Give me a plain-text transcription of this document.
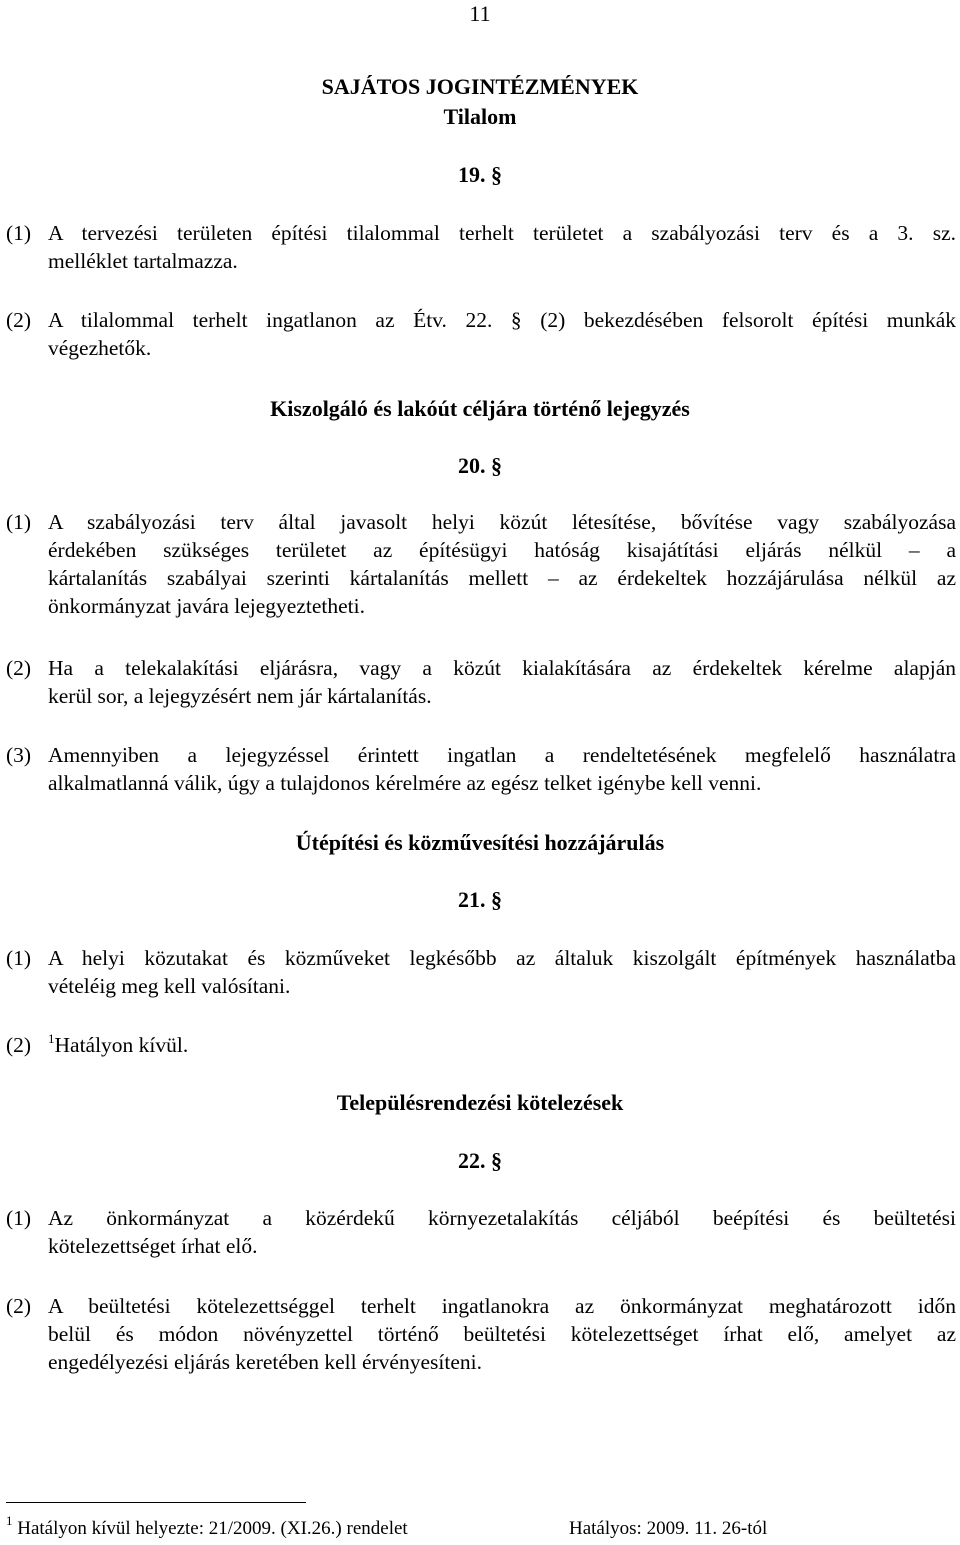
11
SAJÁTOS JOGINTÉZMÉNYEK
Tilalom
19. §
(1) A tervezési területen építési tilalommal terhelt területet a szabályozási terv és a 3. sz.
melléklet tartalmazza.
(2) A tilalommal terhelt ingatlanon az Étv. 22. § (2) bekezdésében felsorolt építési munkák
végezhetők.
Kiszolgáló és lakóút céljára történő lejegyzés
20. §
(1) A szabályozási terv által javasolt helyi közút létesítése, bővítése vagy szabályozása
érdekében szükséges területet az építésügyi hatóság kisajátítási eljárás nélkül – a
kártalanítás szabályai szerinti kártalanítás mellett – az érdekeltek hozzájárulása nélkül az
önkormányzat javára lejegyeztetheti.
(2) Ha a telekalakítási eljárásra, vagy a közút kialakítására az érdekeltek kérelme alapján
kerül sor, a lejegyzésért nem jár kártalanítás.
(3) Amennyiben a lejegyzéssel érintett ingatlan a rendeltetésének megfelelő használatra
alkalmatlanná válik, úgy a tulajdonos kérelmére az egész telket igénybe kell venni.
Útépítési és közművesítési hozzájárulás
21. §
(1) A helyi közutakat és közműveket legkésőbb az általuk kiszolgált építmények használatba
vételéig meg kell valósítani.
(2) $^1$Hatályon kívül.
Településrendezési kötelezések
22. §
(1) Az önkormányzat a közérdekű környezetalakítás céljából beépítési és beültetési
kötelezettséget írhat elő.
(2) A beültetési kötelezettséggel terhelt ingatlanokra az önkormányzat meghatározott időn
belül és módon növényzettel történő beültetési kötelezettséget írhat elő, amelyet az
engedélyezési eljárás keretében kell érvényesíteni.
$^1$ Hatályon kívül helyezte: 21/2009. (XI.26.) rendelet	Hatályos: 2009. 11. 26-tól
